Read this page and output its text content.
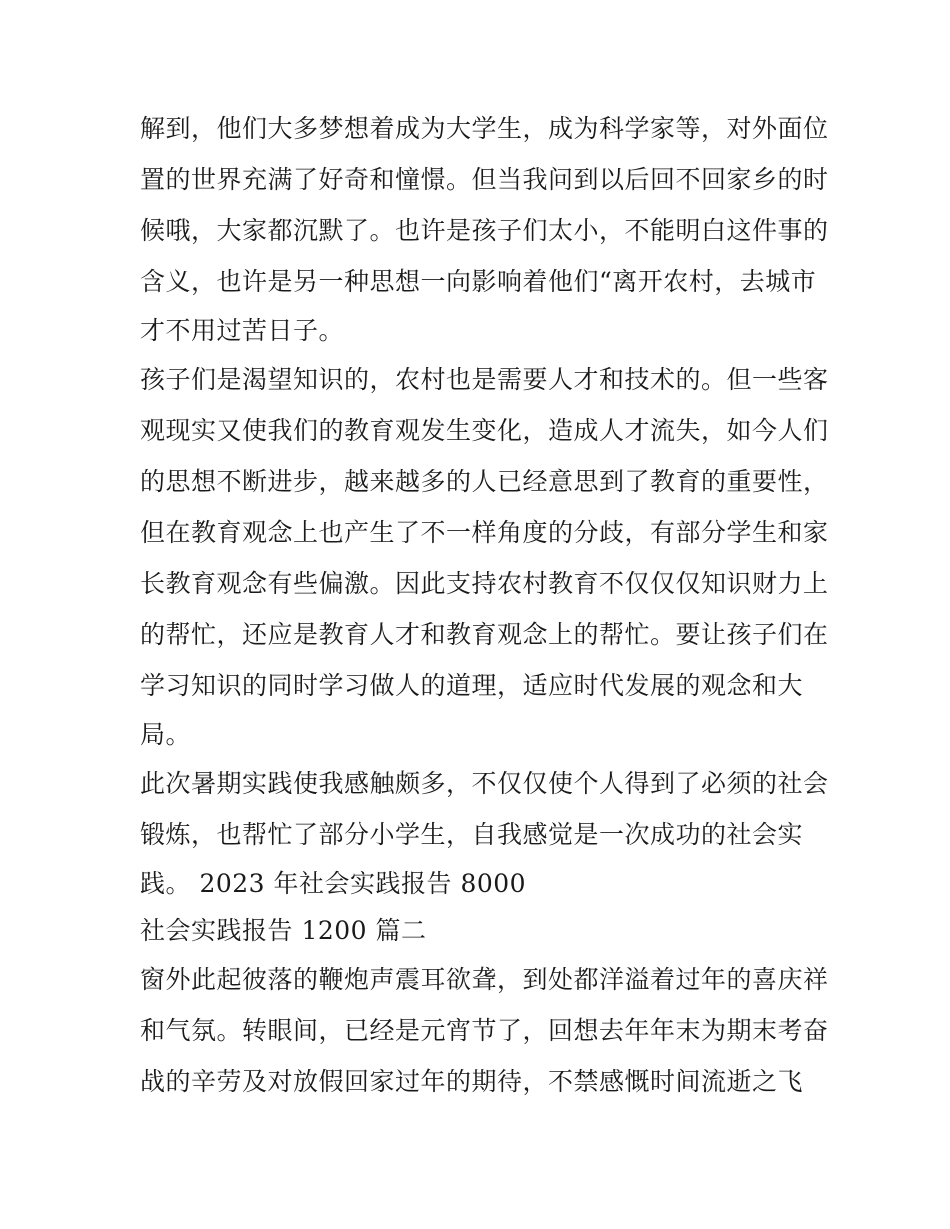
解到，他们大多梦想着成为大学生，成为科学家等，对外面位
置的世界充满了好奇和憧憬。但当我问到以后回不回家乡的时
候哦，大家都沉默了。也许是孩子们太小，不能明白这件事的
含义，也许是另一种思想一向影响着他们“离开农村，去城市
才不用过苦日子。
孩子们是渴望知识的，农村也是需要人才和技术的。但一些客
观现实又使我们的教育观发生变化，造成人才流失，如今人们
的思想不断进步，越来越多的人已经意思到了教育的重要性，
但在教育观念上也产生了不一样角度的分歧，有部分学生和家
长教育观念有些偏激。因此支持农村教育不仅仅仅知识财力上
的帮忙，还应是教育人才和教育观念上的帮忙。要让孩子们在
学习知识的同时学习做人的道理，适应时代发展的观念和大
局。
此次暑期实践使我感触颇多，不仅仅使个人得到了必须的社会
锻炼，也帮忙了部分小学生，自我感觉是一次成功的社会实
践。 2023 年社会实践报告 8000
社会实践报告 1200 篇二
窗外此起彼落的鞭炮声震耳欲聋，到处都洋溢着过年的喜庆祥
和气氛。转眼间，已经是元宵节了，回想去年年末为期末考奋
战的辛劳及对放假回家过年的期待，不禁感慨时间流逝之飞
